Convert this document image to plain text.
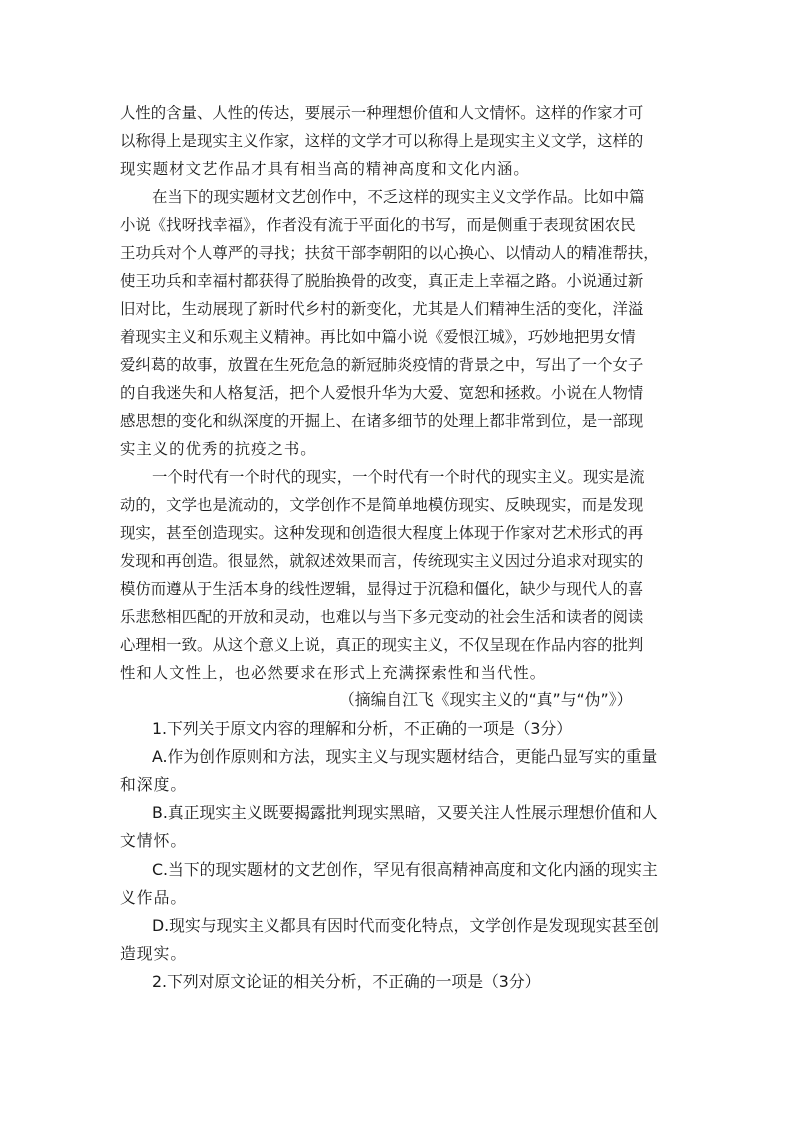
人性的含量、人性的传达，要展示一种理想价值和人文情怀。这样的作家才可
以称得上是现实主义作家，这样的文学才可以称得上是现实主义文学，这样的
现实题材文艺作品才具有相当高的精神高度和文化内涵。
在当下的现实题材文艺创作中，不乏这样的现实主义文学作品。比如中篇
小说《找呀找幸福》，作者没有流于平面化的书写，而是侧重于表现贫困农民
王功兵对个人尊严的寻找；扶贫干部李朝阳的以心换心、以情动人的精准帮扶，
使王功兵和幸福村都获得了脱胎换骨的改变，真正走上幸福之路。小说通过新
旧对比，生动展现了新时代乡村的新变化，尤其是人们精神生活的变化，洋溢
着现实主义和乐观主义精神。再比如中篇小说《爱恨江城》，巧妙地把男女情
爱纠葛的故事，放置在生死危急的新冠肺炎疫情的背景之中，写出了一个女子
的自我迷失和人格复活，把个人爱恨升华为大爱、宽恕和拯救。小说在人物情
感思想的变化和纵深度的开掘上、在诸多细节的处理上都非常到位，是一部现
实主义的优秀的抗疫之书。
一个时代有一个时代的现实，一个时代有一个时代的现实主义。现实是流
动的，文学也是流动的，文学创作不是简单地模仿现实、反映现实，而是发现
现实，甚至创造现实。这种发现和创造很大程度上体现于作家对艺术形式的再
发现和再创造。很显然，就叙述效果而言，传统现实主义因过分追求对现实的
模仿而遵从于生活本身的线性逻辑，显得过于沉稳和僵化，缺少与现代人的喜
乐悲愁相匹配的开放和灵动，也难以与当下多元变动的社会生活和读者的阅读
心理相一致。从这个意义上说，真正的现实主义，不仅呈现在作品内容的批判
性和人文性上，也必然要求在形式上充满探索性和当代性。
（摘编自江飞《现实主义的“真”与“伪”》）
1.下列关于原文内容的理解和分析，不正确的一项是（3分）
A.作为创作原则和方法，现实主义与现实题材结合，更能凸显写实的重量
和深度。
B.真正现实主义既要揭露批判现实黑暗，又要关注人性展示理想价值和人
文情怀。
C.当下的现实题材的文艺创作，罕见有很高精神高度和文化内涵的现实主
义作品。
D.现实与现实主义都具有因时代而变化特点，文学创作是发现现实甚至创
造现实。
2.下列对原文论证的相关分析，不正确的一项是（3分）
